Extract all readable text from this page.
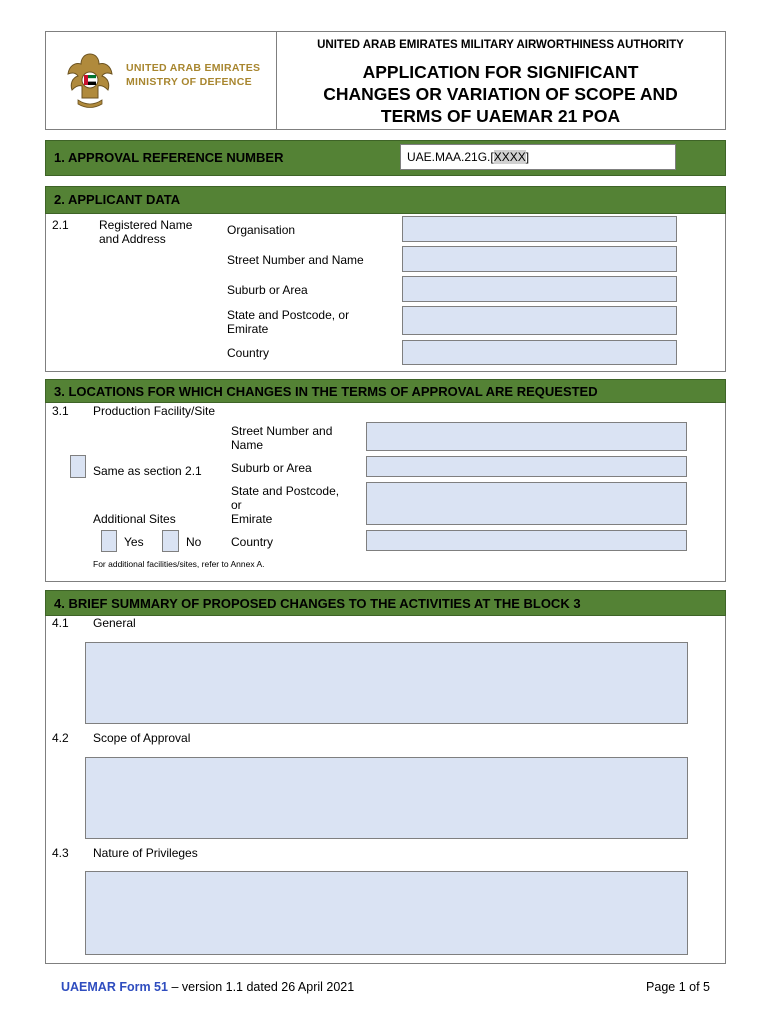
UNITED ARAB EMIRATES
MINISTRY OF DEFENCE
UNITED ARAB EMIRATES MILITARY AIRWORTHINESS AUTHORITY
APPLICATION FOR SIGNIFICANT
CHANGES OR VARIATION OF SCOPE AND
TERMS OF UAEMAR 21 POA
1. APPROVAL REFERENCE NUMBER	UAE.MAA.21G.[XXXX]
2. APPLICANT DATA
2.1	Registered Name
and Address
Organisation
Street Number and Name
Suburb or Area
State and Postcode, or
Emirate
Country
3. LOCATIONS FOR WHICH CHANGES IN THE TERMS OF APPROVAL ARE REQUESTED
3.1 Production Facility/Site
Same as section 2.1
Additional Sites
Yes	No
For additional facilities/sites, refer to Annex A.
Street Number and
Name
Suburb or Area
State and Postcode,
or
Emirate
Country
4. BRIEF SUMMARY OF PROPOSED CHANGES TO THE ACTIVITIES AT THE BLOCK 3
4.1 General
4.2 Scope of Approval
4.3 Nature of Privileges
UAEMAR Form 51 – version 1.1 dated 26 April 2021	Page 1 of 5
